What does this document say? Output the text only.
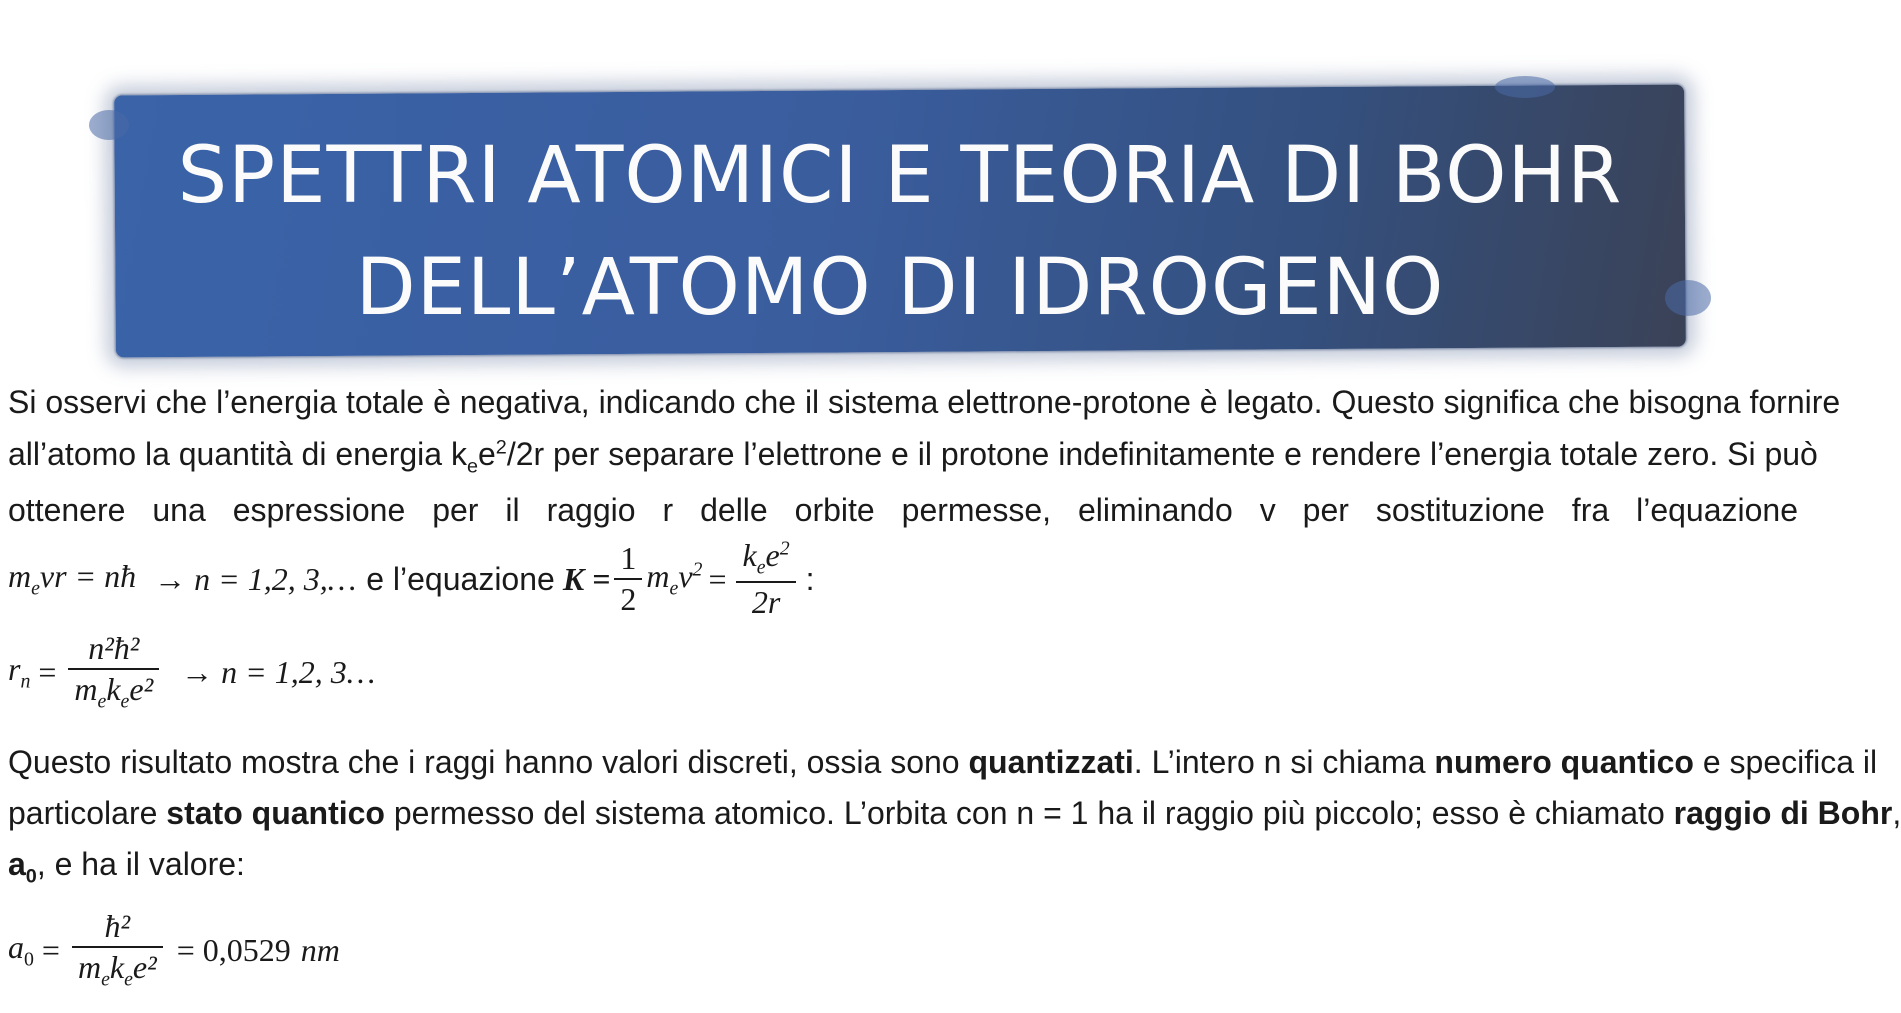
SPETTRI ATOMICI E TEORIA DI BOHR
DELL’ATOMO DI IDROGENO
Si osservi che l’energia totale è negativa, indicando che il sistema elettrone-protone è legato. Questo significa che bisogna fornire
all’atomo la quantità di energia $k_ee^2/2r$ per separare l’elettrone e il protone indefinitamente e rendere l’energia totale zero. Si può
ottenere una espressione per il raggio r delle orbite permesse, eliminando v per sostituzione fra l’equazione
$m_evr$ = nħ → n = 1,2, 3,… e l’equazione $K = \frac{1}{2} m_ev^2 = \frac{k_ee^2}{2r}$ :
$r_n = \frac{\text{n²ħ²}}{m_ek_ee^2} \to n = 1,2$, 3…
Questo risultato mostra che i raggi hanno valori discreti, ossia sono quantizzati. L’intero n si chiama numero quantico e specifica il
particolare stato quantico permesso del sistema atomico. L’orbita con n = 1 ha il raggio più piccolo; esso è chiamato raggio di Bohr,
$a_0$, e ha il valore:
$a_0 = \frac{\text{ħ²}}{m_ek_ee^2} = 0,0529$ nm
